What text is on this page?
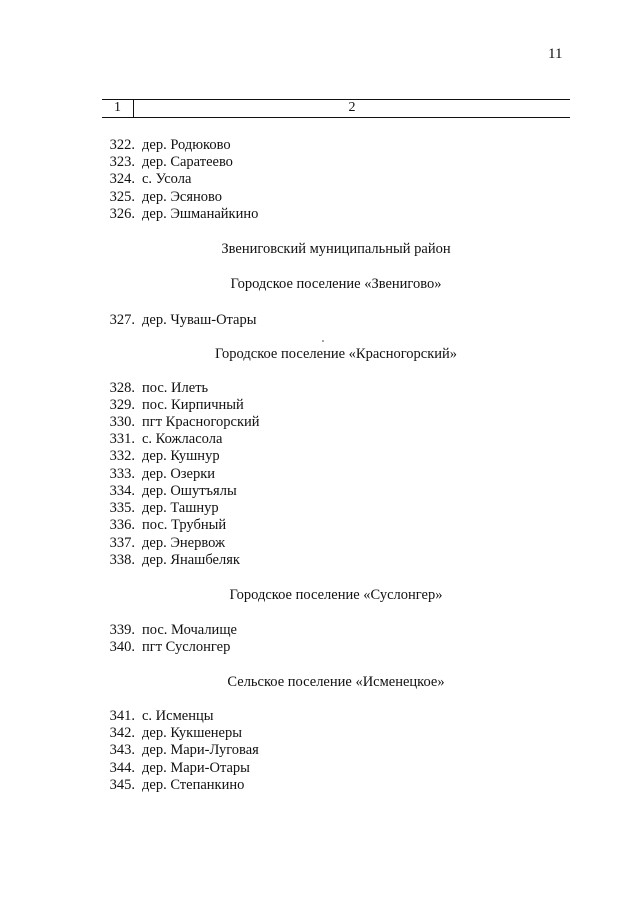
11
1	2
322. дер. Родюково
323. дер. Саратеево
324. с. Усола
325. дер. Эсяново
326. дер. Эшманайкино
Звениговский муниципальный район
Городское поселение «Звенигово»
327. дер. Чуваш-Отары
Городское поселение «Красногорский»
328. пос. Илеть
329. пос. Кирпичный
330. пгт Красногорский
331. с. Кожласола
332. дер. Кушнур
333. дер. Озерки
334. дер. Ошутъялы
335. дер. Ташнур
336. пос. Трубный
337. дер. Энервож
338. дер. Янашбеляк
Городское поселение «Суслонгер»
339. пос. Мочалище
340. пгт Суслонгер
Сельское поселение «Исменецкое»
341. с. Исменцы
342. дер. Кукшенеры
343. дер. Мари-Луговая
344. дер. Мари-Отары
345. дер. Степанкино
